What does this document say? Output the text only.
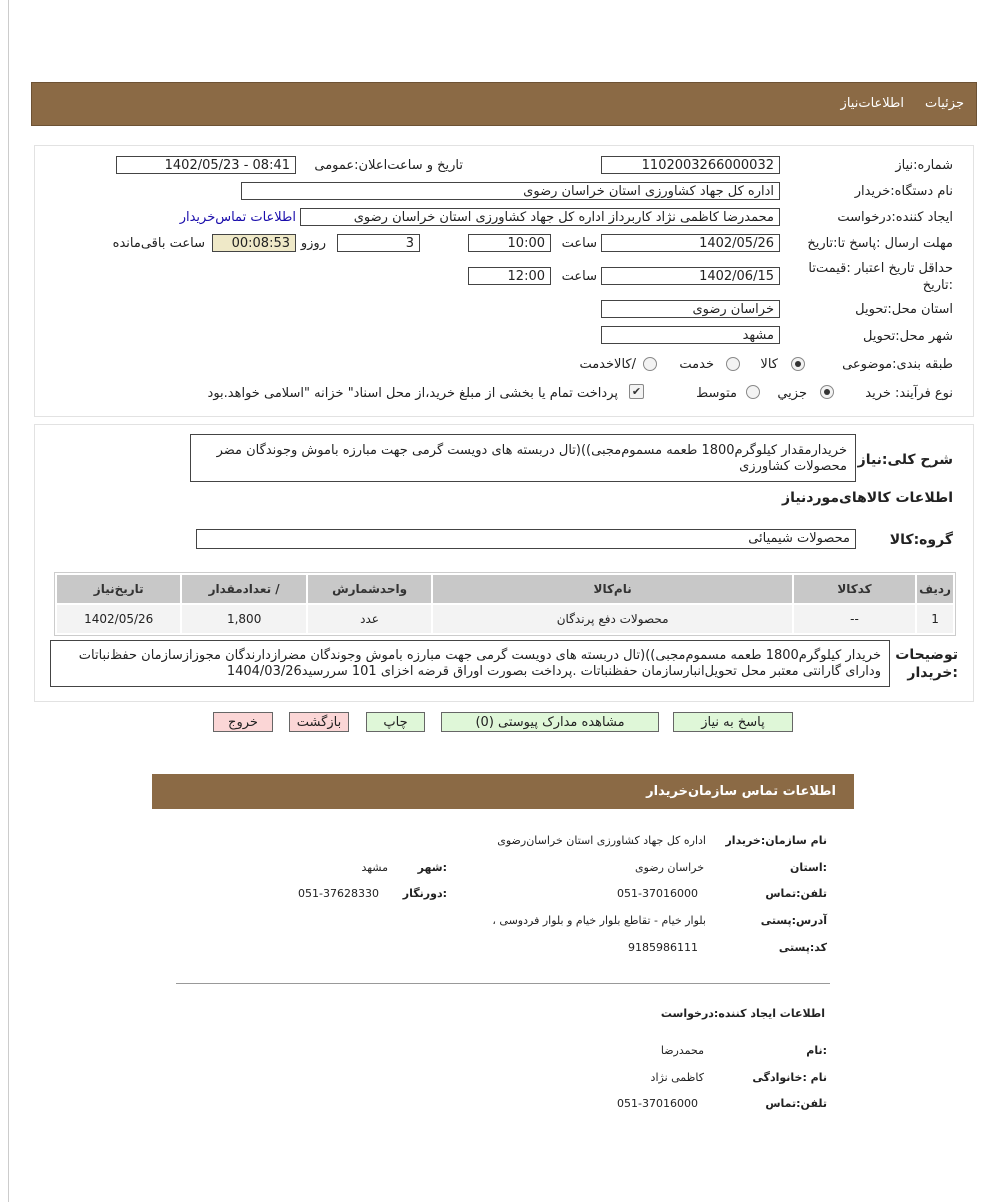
جزئیات
اطلاعات‌نیاز
شماره‌:نیاز
1102003266000032
تاریخ و ساعت‌اعلان:عمومی
1402/05/23 - 08:41
نام دستگاه:خریدار
اداره کل جهاد کشاورزی استان خراسان رضوی
ایجاد کننده:درخواست
محمدرضا کاظمی نژاد کاربرداز اداره کل جهاد کشاورزی استان خراسان رضوی
اطلاعات تماس‌خریدار
مهلت ارسال :پاسخ تا:تاریخ
1402/05/26
ساعت
10:00
3
روزو
00:08:53
ساعت باقی‌مانده
حداقل تاریخ اعتبار :قیمت‌تا
:تاریخ
1402/06/15
ساعت
12:00
استان محل:تحویل
خراسان رضوی
شهر محل:تحویل
مشهد
طبقه بندی:موضوعی
کالا
خدمت
/کالاخدمت
نوع فرآیند: خرید
جزيي
متوسط
✔
پرداخت تمام یا بخشی از مبلغ خرید،از محل اسناد" خزانه "اسلامی خواهد.بود
شرح کلی:نیاز
خریدارمقدار کیلوگرم1800 طعمه مسموم‌مجبی))(تال دربسته های دویست گرمی جهت مبارزه باموش وجوندگان مضر محصولات کشاورزی
اطلاعات کالاهای‌موردنیاز
گروه:کالا
محصولات شیمیائی
ردیف	کدکالا	نام‌کالا	واحدشمارش	/ تعدادمقدار	تاریخ‌نیاز
1	--	محصولات دفع پرندگان	عدد	1,800	1402/05/26
توضیحات
:خریدار
خریدار کیلوگرم1800 طعمه مسموم‌مجبی))(تال دربسته های دویست گرمی جهت مبارزه باموش وجوندگان مضرازدارندگان مجوزازسازمان حفظ‌نباتات ودارای گارانتی معتبر محل تحویل‌انبارسازمان حفظنباتات .پرداخت بصورت اوراق قرضه اخزای 101 سررسید1404/03/26
پاسخ به نیاز
مشاهده مدارک پیوستی (0)
چاپ
بازگشت
خروج
اطلاعات تماس سازمان‌خریدار
نام سازمان:خریدار
اداره کل جهاد کشاورزی استان خراسان‌رضوی
:استان
خراسان رضوی
:شهر
مشهد
تلفن:تماس
051-37016000
:دورنگار
051-37628330
آدرس:پستی
بلوار خیام - تقاطع بلوار خیام و بلوار فردوسی ،
کد:پستی
9185986111
اطلاعات ایجاد کننده:درخواست
:نام
محمدرضا
نام :خانوادگی
کاظمی نژاد
تلفن:تماس
051-37016000
